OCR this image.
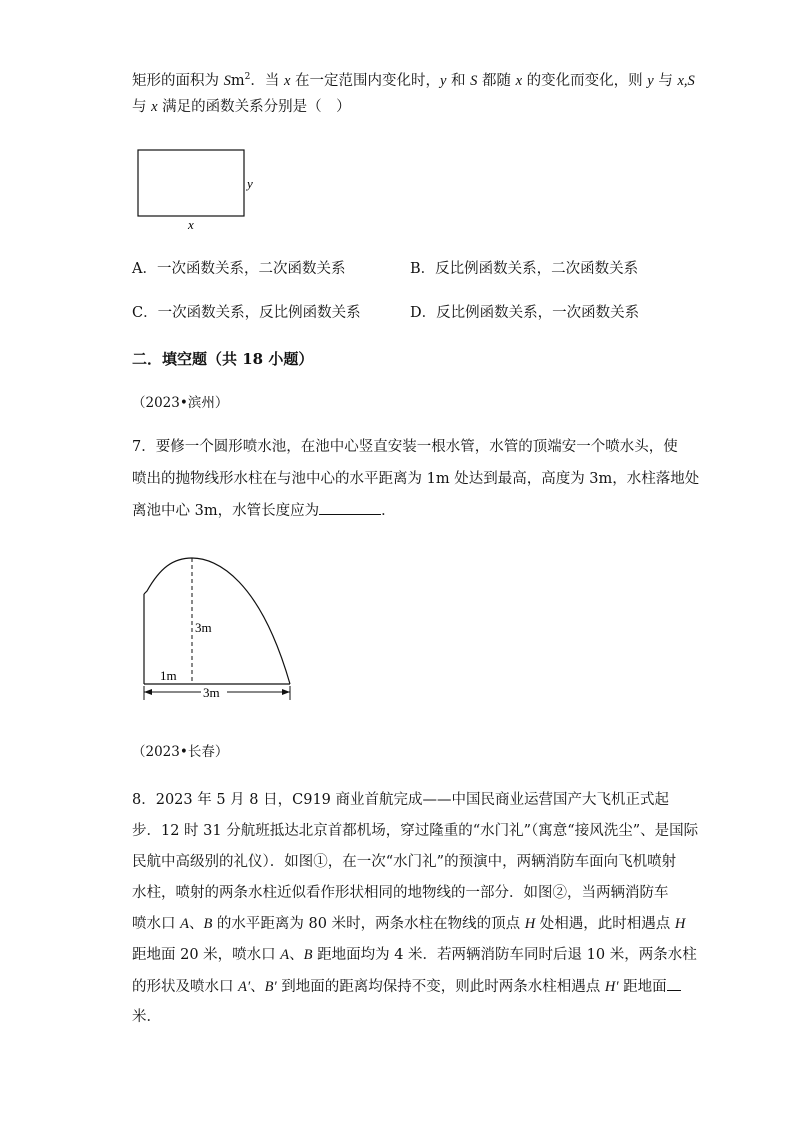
矩形的面积为 Sm$^2$．当 x 在一定范围内变化时，y 和 S 都随 x 的变化而变化，则 y 与 x,S
与 x 满足的函数关系分别是（　）
y
x
A．一次函数关系，二次函数关系	B．反比例函数关系，二次函数关系
C．一次函数关系，反比例函数关系	D．反比例函数关系，一次函数关系
二．填空题（共 18 小题）
（2023•滨州）
7．要修一个圆形喷水池，在池中心竖直安装一根水管，水管的顶端安一个喷水头，使
喷出的抛物线形水柱在与池中心的水平距离为 1m 处达到最高，高度为 3m，水柱落地处
离池中心 3m，水管长度应为	．
3m
3m
1m
（2023•长春）
8．2023 年 5 月 8 日，C919 商业首航完成——中国民商业运营国产大飞机正式起
步．12 时 31 分航班抵达北京首都机场，穿过隆重的“水门礼”（寓意“接风洗尘”、是国际
民航中高级别的礼仪）．如图①，在一次“水门礼”的预演中，两辆消防车面向飞机喷射
水柱，喷射的两条水柱近似看作形状相同的地物线的一部分．如图②，当两辆消防车
喷水口 A、B 的水平距离为 80 米时，两条水柱在物线的顶点 H 处相遇，此时相遇点 H
距地面 20 米，喷水口 A、B 距地面均为 4 米．若两辆消防车同时后退 10 米，两条水柱
的形状及喷水口 A′、B′ 到地面的距离均保持不变，则此时两条水柱相遇点 H′ 距地面
米．
